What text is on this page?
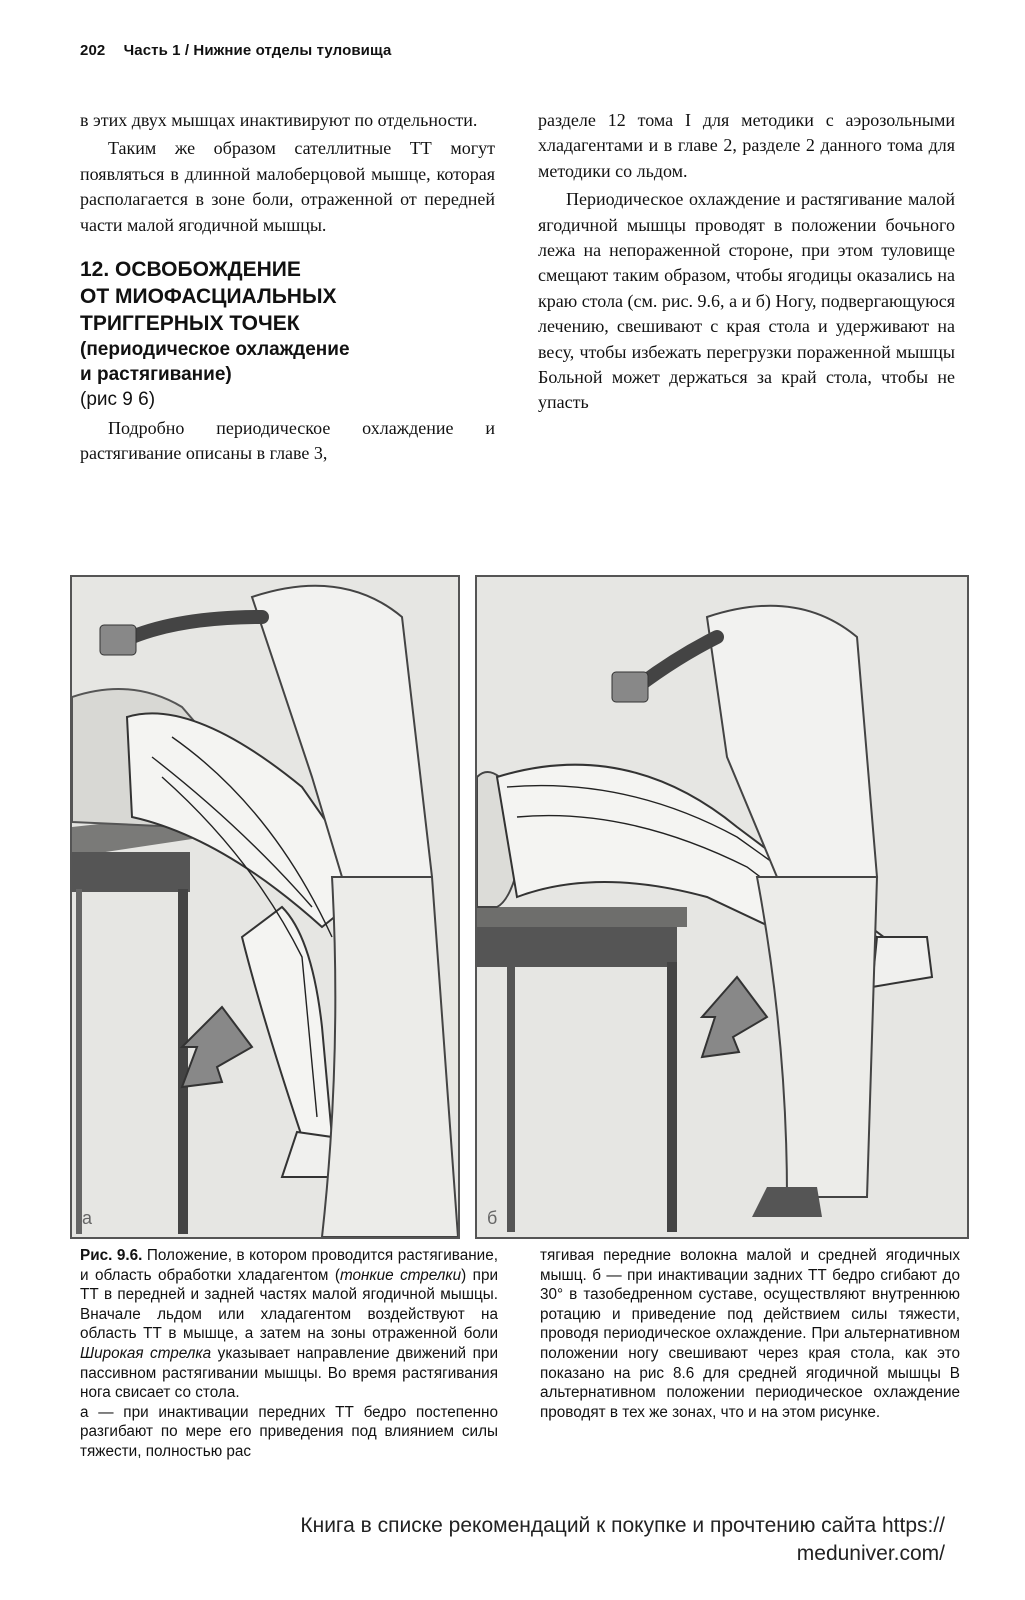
202 Часть 1 / Нижние отделы туловища

в этих двух мышцах инактивируют по отдельности.

Таким же образом сателлитные ТТ могут появляться в длинной малоберцовой мышце, которая располагается в зоне боли, отраженной от передней части малой ягодичной мышцы.

12. ОСВОБОЖДЕНИЕ
ОТ МИОФАСЦИАЛЬНЫХ
ТРИГГЕРНЫХ ТОЧЕК
(периодическое охлаждение
и растягивание)
(рис 9 6)

Подробно периодическое охлаждение и растягивание описаны в главе 3,

разделе 12 тома I для методики с аэрозольными хладагентами и в главе 2, разделе 2 данного тома для методики со льдом.

Периодическое охлаждение и растягивание малой ягодичной мышцы проводят в положении бочьного лежа на непораженной стороне, при этом туловище смещают таким образом, чтобы ягодицы оказались на краю стола (см. рис. 9.6, а и б) Ногу, подвергающуюся лечению, свешивают с края стола и удерживают на весу, чтобы избежать перегрузки пораженной мышцы Больной может держаться за край стола, чтобы не упасть

а	б

Рис. 9.6. Положение, в котором проводится растягивание, и область обработки хладагентом (тонкие стрелки) при ТТ в передней и задней частях малой ягодичной мышцы. Вначале льдом или хладагентом воздействуют на область ТТ в мышце, а затем на зоны отраженной боли Широкая стрелка указывает направление движений при пассивном растягивании мышцы. Во время растягивания нога свисает со стола.

а — при инактивации передних ТТ бедро постепенно разгибают по мере его приведения под влиянием силы тяжести, полностью рас

тягивая передние волокна малой и средней ягодичных мышц. б — при инактивации задних ТТ бедро сгибают до 30° в тазобедренном суставе, осуществляют внутреннюю ротацию и приведение под действием силы тяжести, проводя периодическое охлаждение. При альтернативном положении ногу свешивают через края стола, как это показано на рис 8.6 для средней ягодичной мышцы В альтернативном положении периодическое охлаждение проводят в тех же зонах, что и на этом рисунке.

Книга в списке рекомендаций к покупке и прочтению сайта https://
meduniver.com/
